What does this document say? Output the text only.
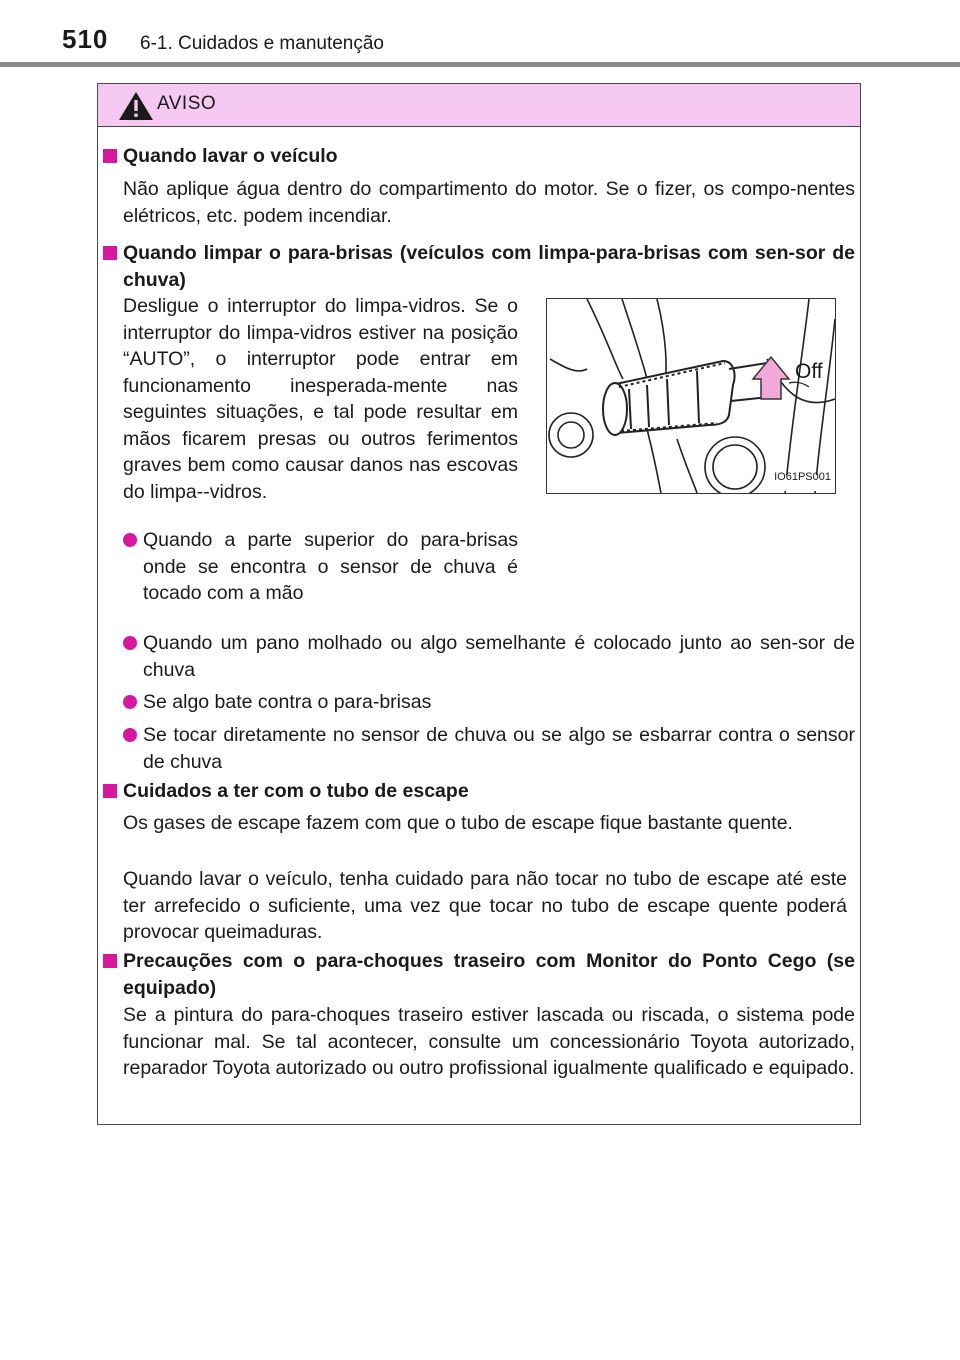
510 6-1. Cuidados e manutenção
AVISO
Quando lavar o veículo
Não aplique água dentro do compartimento do motor. Se o fizer, os compo-nentes elétricos, etc. podem incendiar.
Quando limpar o para-brisas (veículos com limpa-para-brisas com sen-sor de chuva)
Desligue o interruptor do limpa-vidros. Se o interruptor do limpa-vidros estiver na posição “AUTO”, o interruptor pode entrar em funcionamento inesperada-mente nas seguintes situações, e tal pode resultar em mãos ficarem presas ou outros ferimentos graves bem como causar danos nas escovas do limpa--vidros.
Quando a parte superior do para-brisas onde se encontra o sensor de chuva é tocado com a mão
Off
IO61PS001
Quando um pano molhado ou algo semelhante é colocado junto ao sen-sor de chuva
Se algo bate contra o para-brisas
Se tocar diretamente no sensor de chuva ou se algo se esbarrar contra o sensor de chuva
Cuidados a ter com o tubo de escape
Os gases de escape fazem com que o tubo de escape fique bastante quente.
Quando lavar o veículo, tenha cuidado para não tocar no tubo de escape até este ter arrefecido o suficiente, uma vez que tocar no tubo de escape quente poderá provocar queimaduras.
Precauções com o para-choques traseiro com Monitor do Ponto Cego (se equipado)
Se a pintura do para-choques traseiro estiver lascada ou riscada, o sistema pode funcionar mal. Se tal acontecer, consulte um concessionário Toyota autorizado, reparador Toyota autorizado ou outro profissional igualmente qualificado e equipado.
